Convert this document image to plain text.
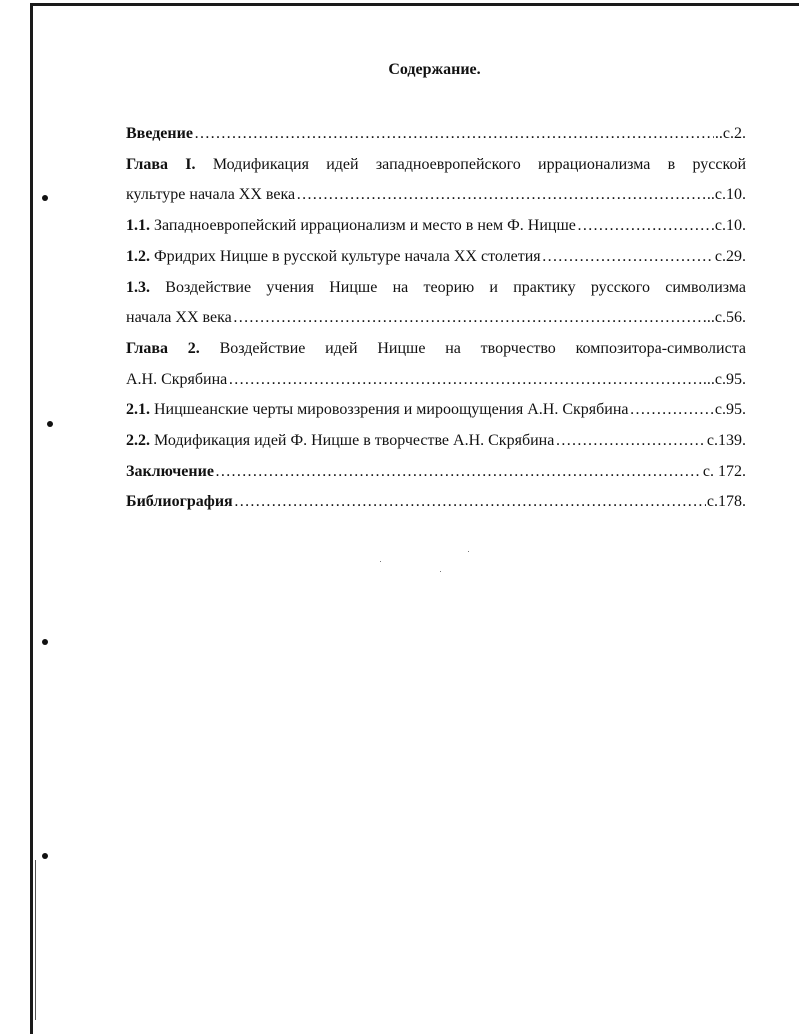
Содержание.
Введение ………………………………………………………………………………………………………………………………………………………	..с.2.
Глава I. Модификация идей западноевропейского иррационализма в русской
культуре начала XX века ………………………………………………………………………………………………………………………………………………………	..с.10.
1.1. Западноевропейский иррационализм и место в нем Ф. Ницше ………………………………………………………………………………………………………………………………………………………	с.10.
1.2. Фридрих Ницше в русской культуре начала XX столетия ………………………………………………………………………………………………………………………………………………………	с.29.
1.3. Воздействие учения Ницше на теорию и практику русского символизма
начала XX века ………………………………………………………………………………………………………………………………………………………	..с.56.
Глава 2. Воздействие идей Ницше на творчество композитора-символиста
А.Н. Скрябина ………………………………………………………………………………………………………………………………………………………	...с.95.
2.1. Ницшеанские черты мировоззрения и мироощущения А.Н. Скрябина ………………………………………………………………………………………………………………………………………………………	с.95.
2.2. Модификация идей Ф. Ницше в творчестве А.Н. Скрябина ………………………………………………………………………………………………………………………………………………………	с.139.
Заключение ………………………………………………………………………………………………………………………………………………………	с. 172.
Библиография ………………………………………………………………………………………………………………………………………………………	с.178.
